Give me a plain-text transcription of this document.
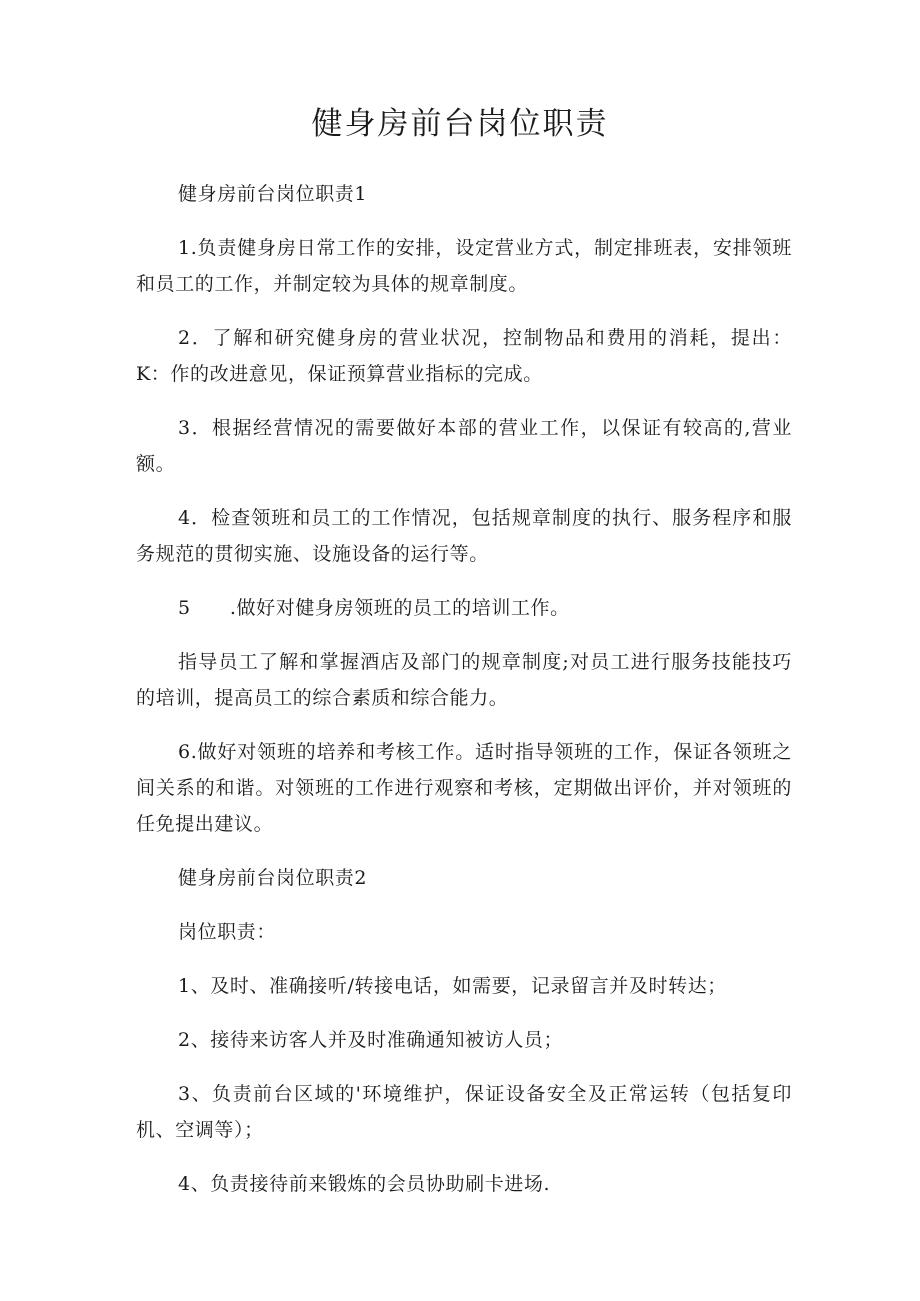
健身房前台岗位职责

健身房前台岗位职责1

1.负责健身房日常工作的安排，设定营业方式，制定排班表，安排领班和员工的工作，并制定较为具体的规章制度。

2．了解和研究健身房的营业状况，控制物品和费用的消耗，提出：K：作的改进意见，保证预算营业指标的完成。

3．根据经营情况的需要做好本部的营业工作，以保证有较高的,营业额。

4．检查领班和员工的工作情况，包括规章制度的执行、服务程序和服务规范的贯彻实施、设施设备的运行等。

5　　.做好对健身房领班的员工的培训工作。

指导员工了解和掌握酒店及部门的规章制度;对员工进行服务技能技巧的培训，提高员工的综合素质和综合能力。

6.做好对领班的培养和考核工作。适时指导领班的工作，保证各领班之间关系的和谐。对领班的工作进行观察和考核，定期做出评价，并对领班的任免提出建议。

健身房前台岗位职责2

岗位职责：

1、及时、准确接听/转接电话，如需要，记录留言并及时转达；

2、接待来访客人并及时准确通知被访人员；

3、负责前台区域的'环境维护，保证设备安全及正常运转（包括复印机、空调等）；

4、负责接待前来锻炼的会员协助刷卡进场.
